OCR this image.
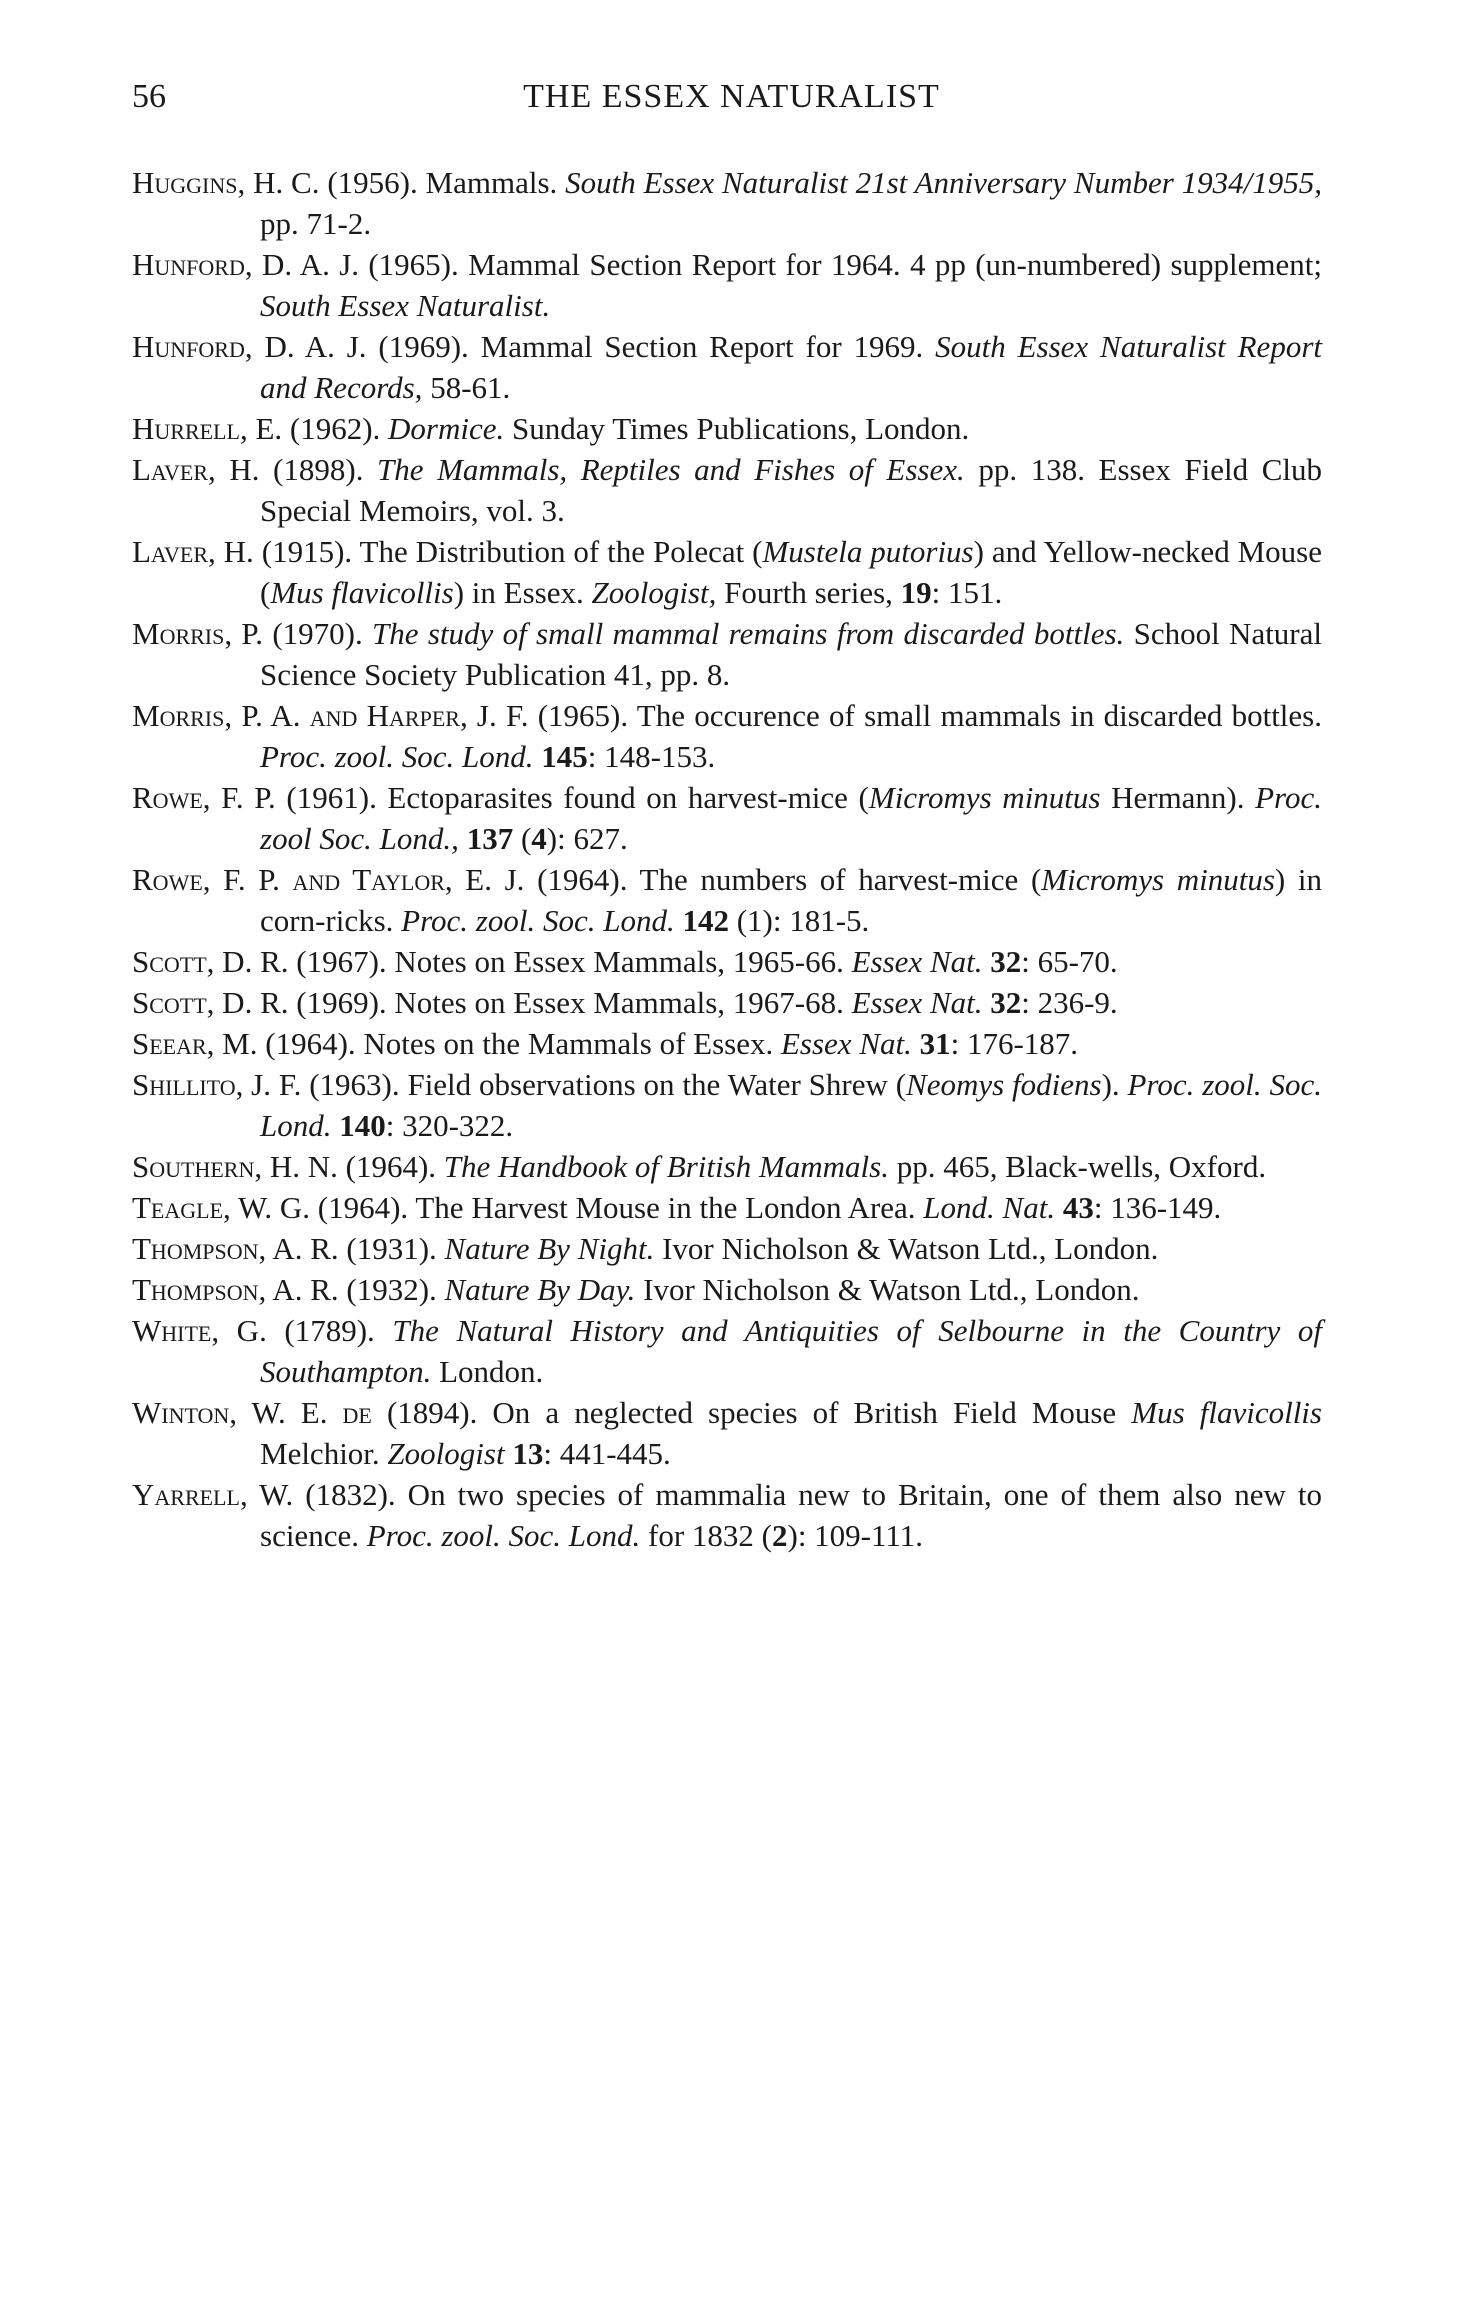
56	THE ESSEX NATURALIST

Huggins, H. C. (1956). Mammals. South Essex Naturalist 21st Anniversary Number 1934/1955, pp. 71-2.

Hunford, D. A. J. (1965). Mammal Section Report for 1964. 4 pp (un-numbered) supplement; South Essex Naturalist.

Hunford, D. A. J. (1969). Mammal Section Report for 1969. South Essex Naturalist Report and Records, 58-61.

Hurrell, E. (1962). Dormice. Sunday Times Publications, London.

Laver, H. (1898). The Mammals, Reptiles and Fishes of Essex. pp. 138. Essex Field Club Special Memoirs, vol. 3.

Laver, H. (1915). The Distribution of the Polecat (Mustela putorius) and Yellow-necked Mouse (Mus flavicollis) in Essex. Zoologist, Fourth series, 19: 151.

Morris, P. (1970). The study of small mammal remains from discarded bottles. School Natural Science Society Publication 41, pp. 8.

Morris, P. A. and Harper, J. F. (1965). The occurence of small mammals in discarded bottles. Proc. zool. Soc. Lond. 145: 148-153.

Rowe, F. P. (1961). Ectoparasites found on harvest-mice (Micromys minutus Hermann). Proc. zool Soc. Lond., 137 (4): 627.

Rowe, F. P. and Taylor, E. J. (1964). The numbers of harvest-mice (Micromys minutus) in corn-ricks. Proc. zool. Soc. Lond. 142 (1): 181-5.

Scott, D. R. (1967). Notes on Essex Mammals, 1965-66. Essex Nat. 32: 65-70.

Scott, D. R. (1969). Notes on Essex Mammals, 1967-68. Essex Nat. 32: 236-9.

Seear, M. (1964). Notes on the Mammals of Essex. Essex Nat. 31: 176-187.

Shillito, J. F. (1963). Field observations on the Water Shrew (Neomys fodiens). Proc. zool. Soc. Lond. 140: 320-322.

Southern, H. N. (1964). The Handbook of British Mammals. pp. 465, Black-wells, Oxford.

Teagle, W. G. (1964). The Harvest Mouse in the London Area. Lond. Nat. 43: 136-149.

Thompson, A. R. (1931). Nature By Night. Ivor Nicholson & Watson Ltd., London.

Thompson, A. R. (1932). Nature By Day. Ivor Nicholson & Watson Ltd., London.

White, G. (1789). The Natural History and Antiquities of Selbourne in the Country of Southampton. London.

Winton, W. E. de (1894). On a neglected species of British Field Mouse Mus flavicollis Melchior. Zoologist 13: 441-445.

Yarrell, W. (1832). On two species of mammalia new to Britain, one of them also new to science. Proc. zool. Soc. Lond. for 1832 (2): 109-111.
